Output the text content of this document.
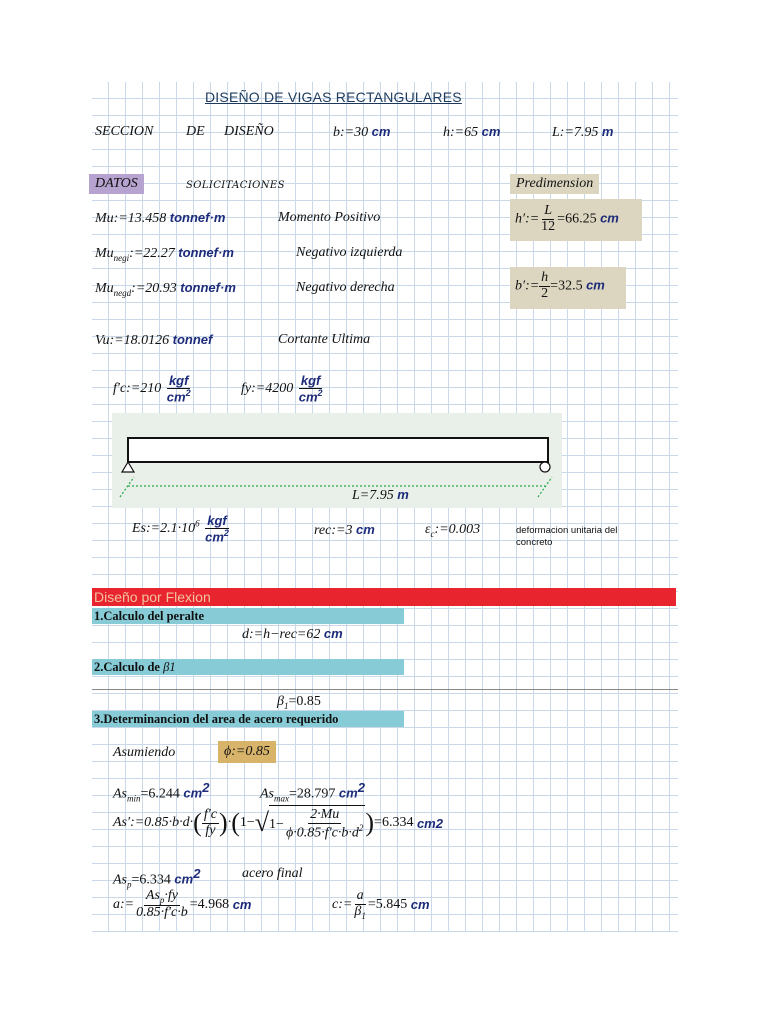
DISEÑO DE VIGAS RECTANGULARES
SECCION DE DISEÑO	b:=30 cm	h:=65 cm	L:=7.95 m
DATOS	SOLICITACIONES	Predimension
Mu:=13.458 tonnef·m	Momento Positivo	h′:= $\frac{L}{12} =66.25$ cm
$Mu_{negi}:=22.27$ tonnef·m	Negativo izquierda
$Mu_{negd}:=20.93$ tonnef·m	Negativo derecha	b′:= $\frac{h}{2} =32.5$ cm
Vu:=18.0126 tonnef	Cortante Ultima
f′c:=210 $\frac{\text{kgf}}{cm^2}$	fy:=4200 $\frac{\text{kgf}}{cm^2}$
L=7.95 m
$Es:=2.1\cdot 10^6 \frac{\text{kgf}}{cm^2}$	rec:=3 cm	$\varepsilon_c:=0.003$	deformacion unitaria del concreto
Diseño por Flexion
1.Calculo del peralte
d:=h−rec=62 cm
2.Calculo de β1
$\beta_1=0.85$
3.Determinancion del area de acero requerido
Asumiendo	ϕ:=0.85
$As_{min}=6.244$ $cm^2$	$As_{max}=28.797$ $cm^2$
As′:=0.85·b·d· ( $\frac{f'c}{fy}$ ) · ( 1− √ $1- \frac{2\cdot Mu}{\phi\cdot 0.85\cdot f'c\cdot b\cdot d^2}$ ) =6.334
cm 2
$As_p=6.334$ $cm^2$	acero final
a:= $\frac{As_p\cdot fy}{0.85\cdot f'c\cdot b} =4.968$
cm	c:= $\frac{a}{\beta_1} =5.845$
cm
